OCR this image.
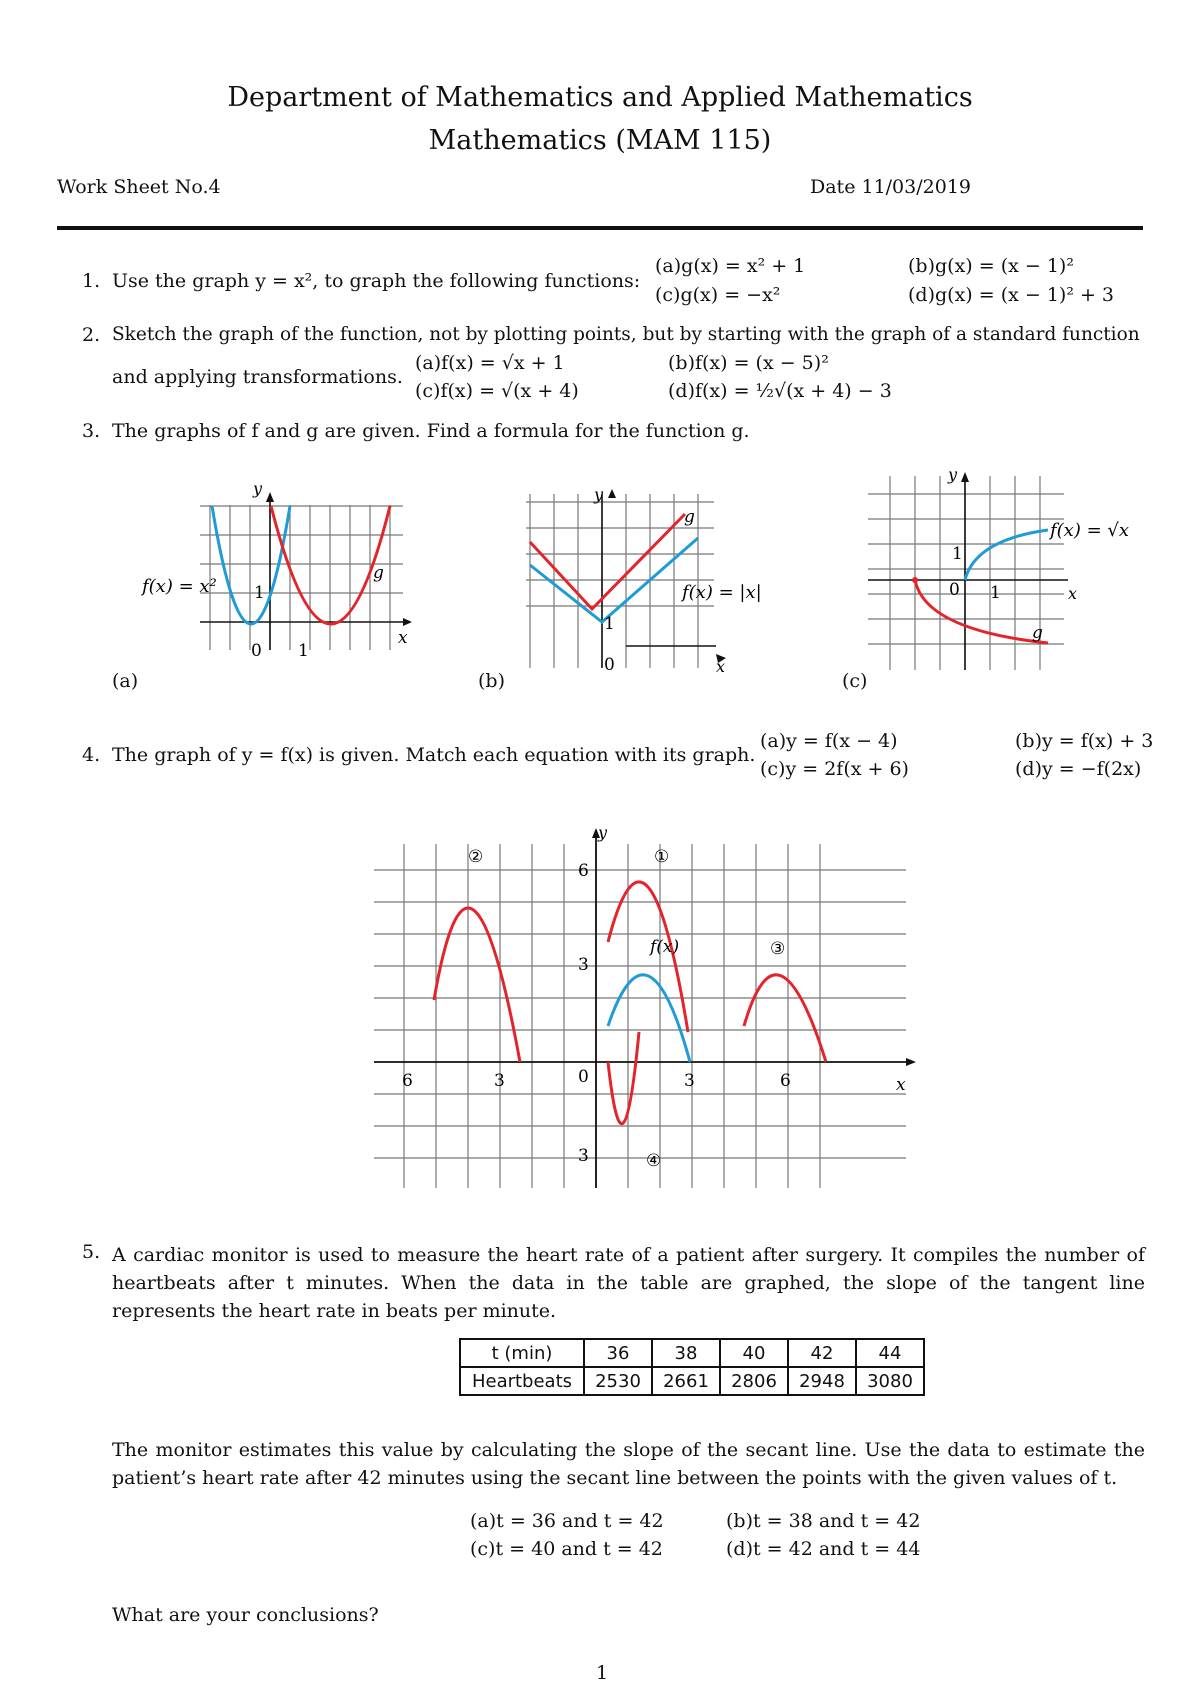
Department of Mathematics and Applied Mathematics
Mathematics (MAM 115)
Work Sheet No.4	Date 11/03/2019
1. Use the graph y = x², to graph the following functions:
(a)g(x) = x² + 1	(b)g(x) = (x − 1)²
(c)g(x) = −x²	(d)g(x) = (x − 1)² + 3
2. Sketch the graph of the function, not by plotting points, but by starting with the graph of a standard function
and applying transformations.
(a)f(x) = √x + 1	(b)f(x) = (x − 5)²
(c)f(x) = √(x + 4)	(d)f(x) = ½√(x + 4) − 3
3. The graphs of f and g are given. Find a formula for the function g.
0 1
1
x
y
g
f(x) = x²
(a)
0
1
x
y
g
f(x) = |x|
(b)
0 1
1
x
y
g
f(x) = √x
(c)
4. The graph of y = f(x) is given. Match each equation with its graph.
(a)y = f(x − 4)	(b)y = f(x) + 3
(c)y = 2f(x + 6)	(d)y = −f(2x)
y
x
6
3
3
6	3	0	3	6
f(x)
②	①
③
④
5. A cardiac monitor is used to measure the heart rate of a patient after surgery. It compiles the number of heartbeats after t minutes. When the data in the table are graphed, the slope of the tangent line represents the heart rate in beats per minute.
t (min)	36	38	40	42	44
Heartbeats	2530	2661	2806	2948	3080
The monitor estimates this value by calculating the slope of the secant line. Use the data to estimate the patient’s heart rate after 42 minutes using the secant line between the points with the given values of t.
(a)t = 36 and t = 42	(b)t = 38 and t = 42
(c)t = 40 and t = 42	(d)t = 42 and t = 44
What are your conclusions?
1
